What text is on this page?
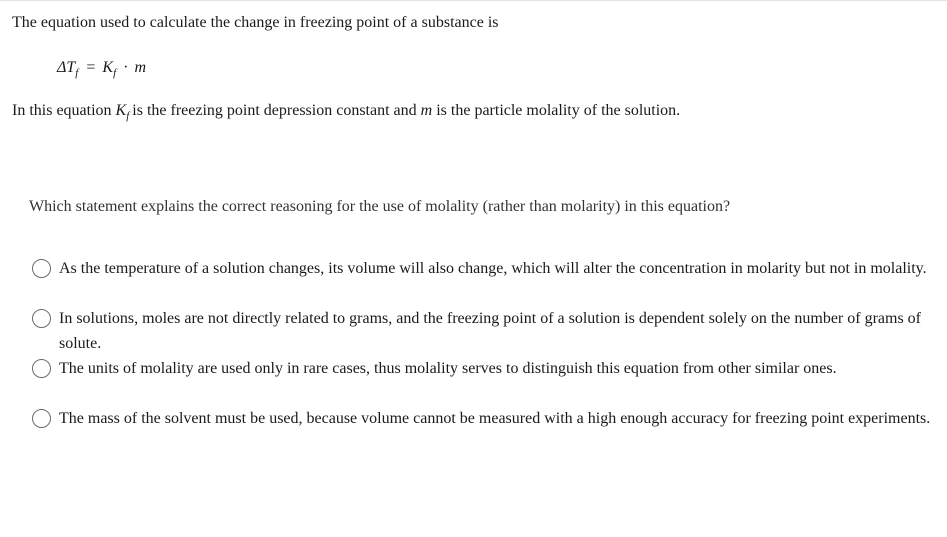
The equation used to calculate the change in freezing point of a substance is
$\Delta T_f = K_f \cdot m$
In this equation $K_f$ is the freezing point depression constant and m is the particle molality of the solution.
Which statement explains the correct reasoning for the use of molality (rather than molarity) in this equation?
As the temperature of a solution changes, its volume will also change, which will alter the concentration in molarity but not in molality.
In solutions, moles are not directly related to grams, and the freezing point of a solution is dependent solely on the number of grams of solute.
The units of molality are used only in rare cases, thus molality serves to distinguish this equation from other similar ones.
The mass of the solvent must be used, because volume cannot be measured with a high enough accuracy for freezing point experiments.
